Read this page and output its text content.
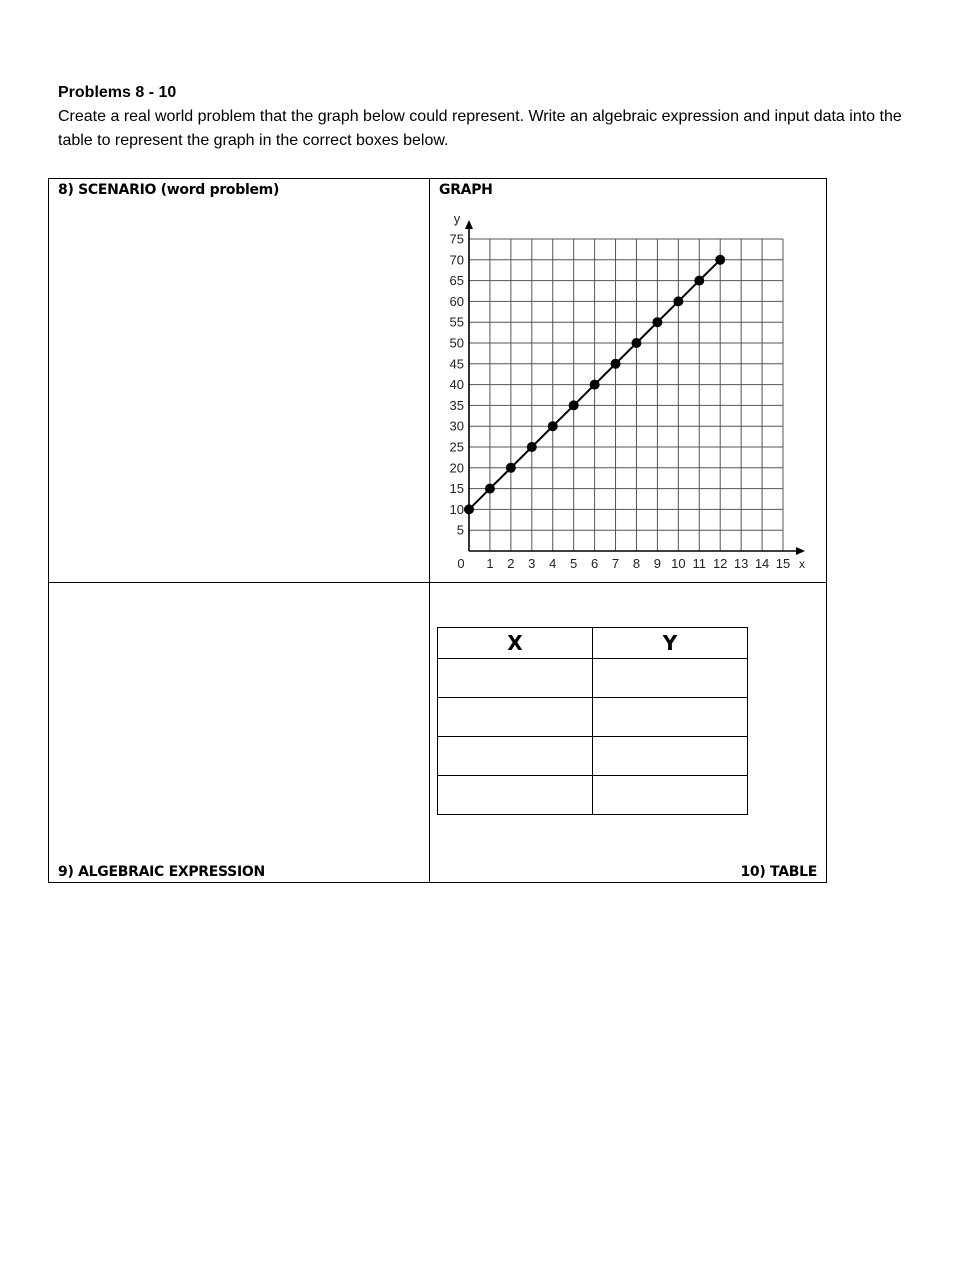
Problems 8 - 10
Create a real world problem that the graph below could represent. Write an algebraic expression and input data into the table to represent the graph in the correct boxes below.
8) SCENARIO (word problem)	GRAPH
0 1 2 3 4 5 6 7 8 9 10 11 12 13 14 15
5
10
15
20
25
30
35
40
45
50
55
60
65
70
75
x
y

9) ALGEBRAIC EXPRESSION

X	Y

10) TABLE
